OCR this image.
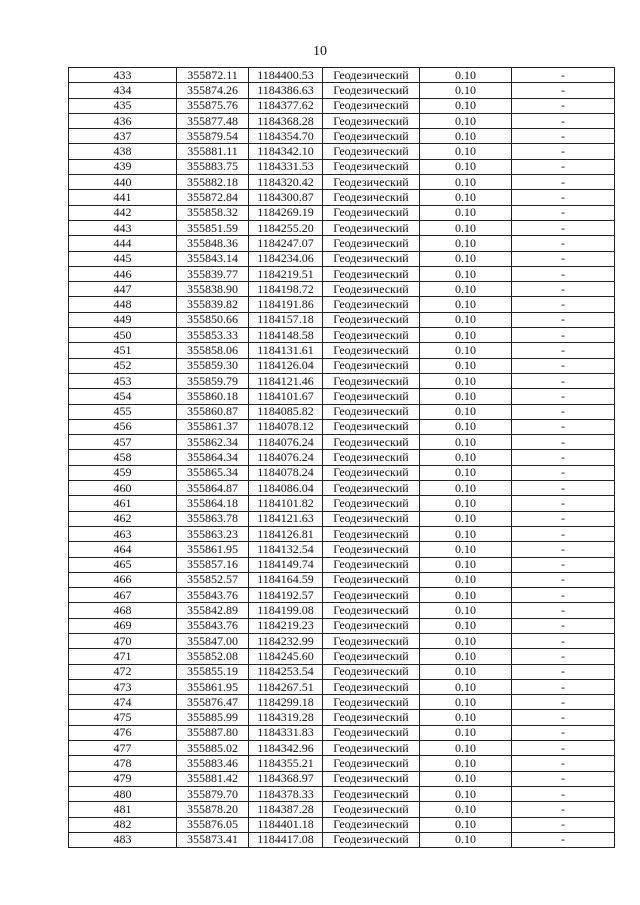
10
433	355872.11	1184400.53	Геодезический	0.10	-
434	355874.26	1184386.63	Геодезический	0.10	-
435	355875.76	1184377.62	Геодезический	0.10	-
436	355877.48	1184368.28	Геодезический	0.10	-
437	355879.54	1184354.70	Геодезический	0.10	-
438	355881.11	1184342.10	Геодезический	0.10	-
439	355883.75	1184331.53	Геодезический	0.10	-
440	355882.18	1184320.42	Геодезический	0.10	-
441	355872.84	1184300.87	Геодезический	0.10	-
442	355858.32	1184269.19	Геодезический	0.10	-
443	355851.59	1184255.20	Геодезический	0.10	-
444	355848.36	1184247.07	Геодезический	0.10	-
445	355843.14	1184234.06	Геодезический	0.10	-
446	355839.77	1184219.51	Геодезический	0.10	-
447	355838.90	1184198.72	Геодезический	0.10	-
448	355839.82	1184191.86	Геодезический	0.10	-
449	355850.66	1184157.18	Геодезический	0.10	-
450	355853.33	1184148.58	Геодезический	0.10	-
451	355858.06	1184131.61	Геодезический	0.10	-
452	355859.30	1184126.04	Геодезический	0.10	-
453	355859.79	1184121.46	Геодезический	0.10	-
454	355860.18	1184101.67	Геодезический	0.10	-
455	355860.87	1184085.82	Геодезический	0.10	-
456	355861.37	1184078.12	Геодезический	0.10	-
457	355862.34	1184076.24	Геодезический	0.10	-
458	355864.34	1184076.24	Геодезический	0.10	-
459	355865.34	1184078.24	Геодезический	0.10	-
460	355864.87	1184086.04	Геодезический	0.10	-
461	355864.18	1184101.82	Геодезический	0.10	-
462	355863.78	1184121.63	Геодезический	0.10	-
463	355863.23	1184126.81	Геодезический	0.10	-
464	355861.95	1184132.54	Геодезический	0.10	-
465	355857.16	1184149.74	Геодезический	0.10	-
466	355852.57	1184164.59	Геодезический	0.10	-
467	355843.76	1184192.57	Геодезический	0.10	-
468	355842.89	1184199.08	Геодезический	0.10	-
469	355843.76	1184219.23	Геодезический	0.10	-
470	355847.00	1184232.99	Геодезический	0.10	-
471	355852.08	1184245.60	Геодезический	0.10	-
472	355855.19	1184253.54	Геодезический	0.10	-
473	355861.95	1184267.51	Геодезический	0.10	-
474	355876.47	1184299.18	Геодезический	0.10	-
475	355885.99	1184319.28	Геодезический	0.10	-
476	355887.80	1184331.83	Геодезический	0.10	-
477	355885.02	1184342.96	Геодезический	0.10	-
478	355883.46	1184355.21	Геодезический	0.10	-
479	355881.42	1184368.97	Геодезический	0.10	-
480	355879.70	1184378.33	Геодезический	0.10	-
481	355878.20	1184387.28	Геодезический	0.10	-
482	355876.05	1184401.18	Геодезический	0.10	-
483	355873.41	1184417.08	Геодезический	0.10	-
